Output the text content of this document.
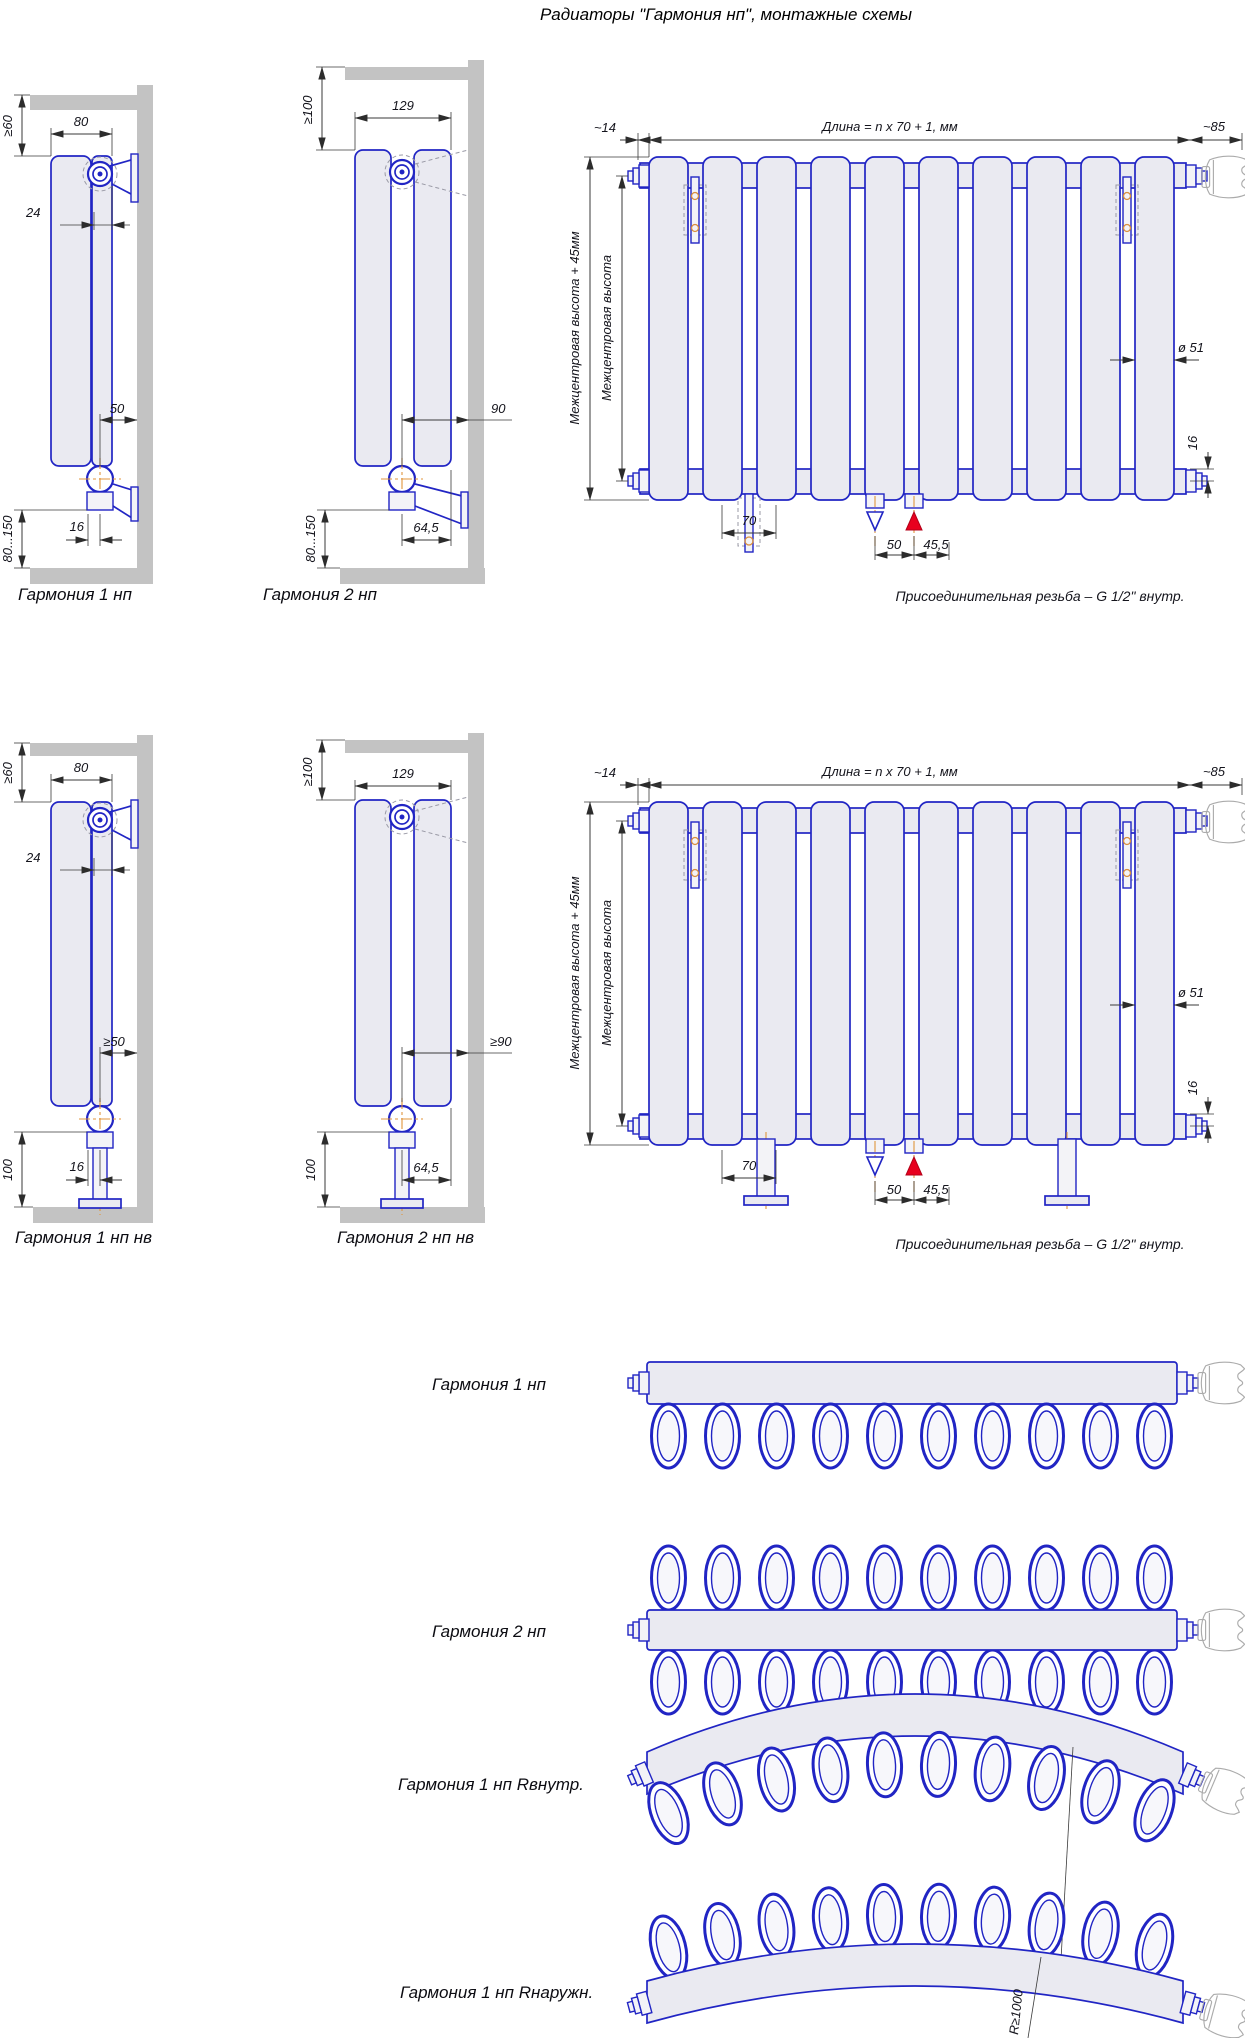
Радиаторы "Гармония нп", монтажные схемы
≥60	80
24
50
16
80...150
Гармония 1 нп
≥100	129
90
64,5
80...150
Гармония 2 нп
~14	Длина = n x 70 + 1, мм	~85
Межцентровая высота + 45мм Межцентровая высота	ø 51
16
70
50 45,5
Присоединительная резьба – G 1/2" внутр.
≥60	80
24
≥50
16
100
Гармония 1 нп нв
≥100	129
≥90
64,5
100
Гармония 2 нп нв
~14	Длина = n x 70 + 1, мм	~85
Межцентровая высота + 45мм Межцентровая высота	ø 51
16
70
50 45,5
Присоединительная резьба – G 1/2" внутр.
Гармония 1 нп
Гармония 2 нп
Гармония 1 нп Rвнутр.
Гармония 1 нп Rнаружн.	R≥1000
